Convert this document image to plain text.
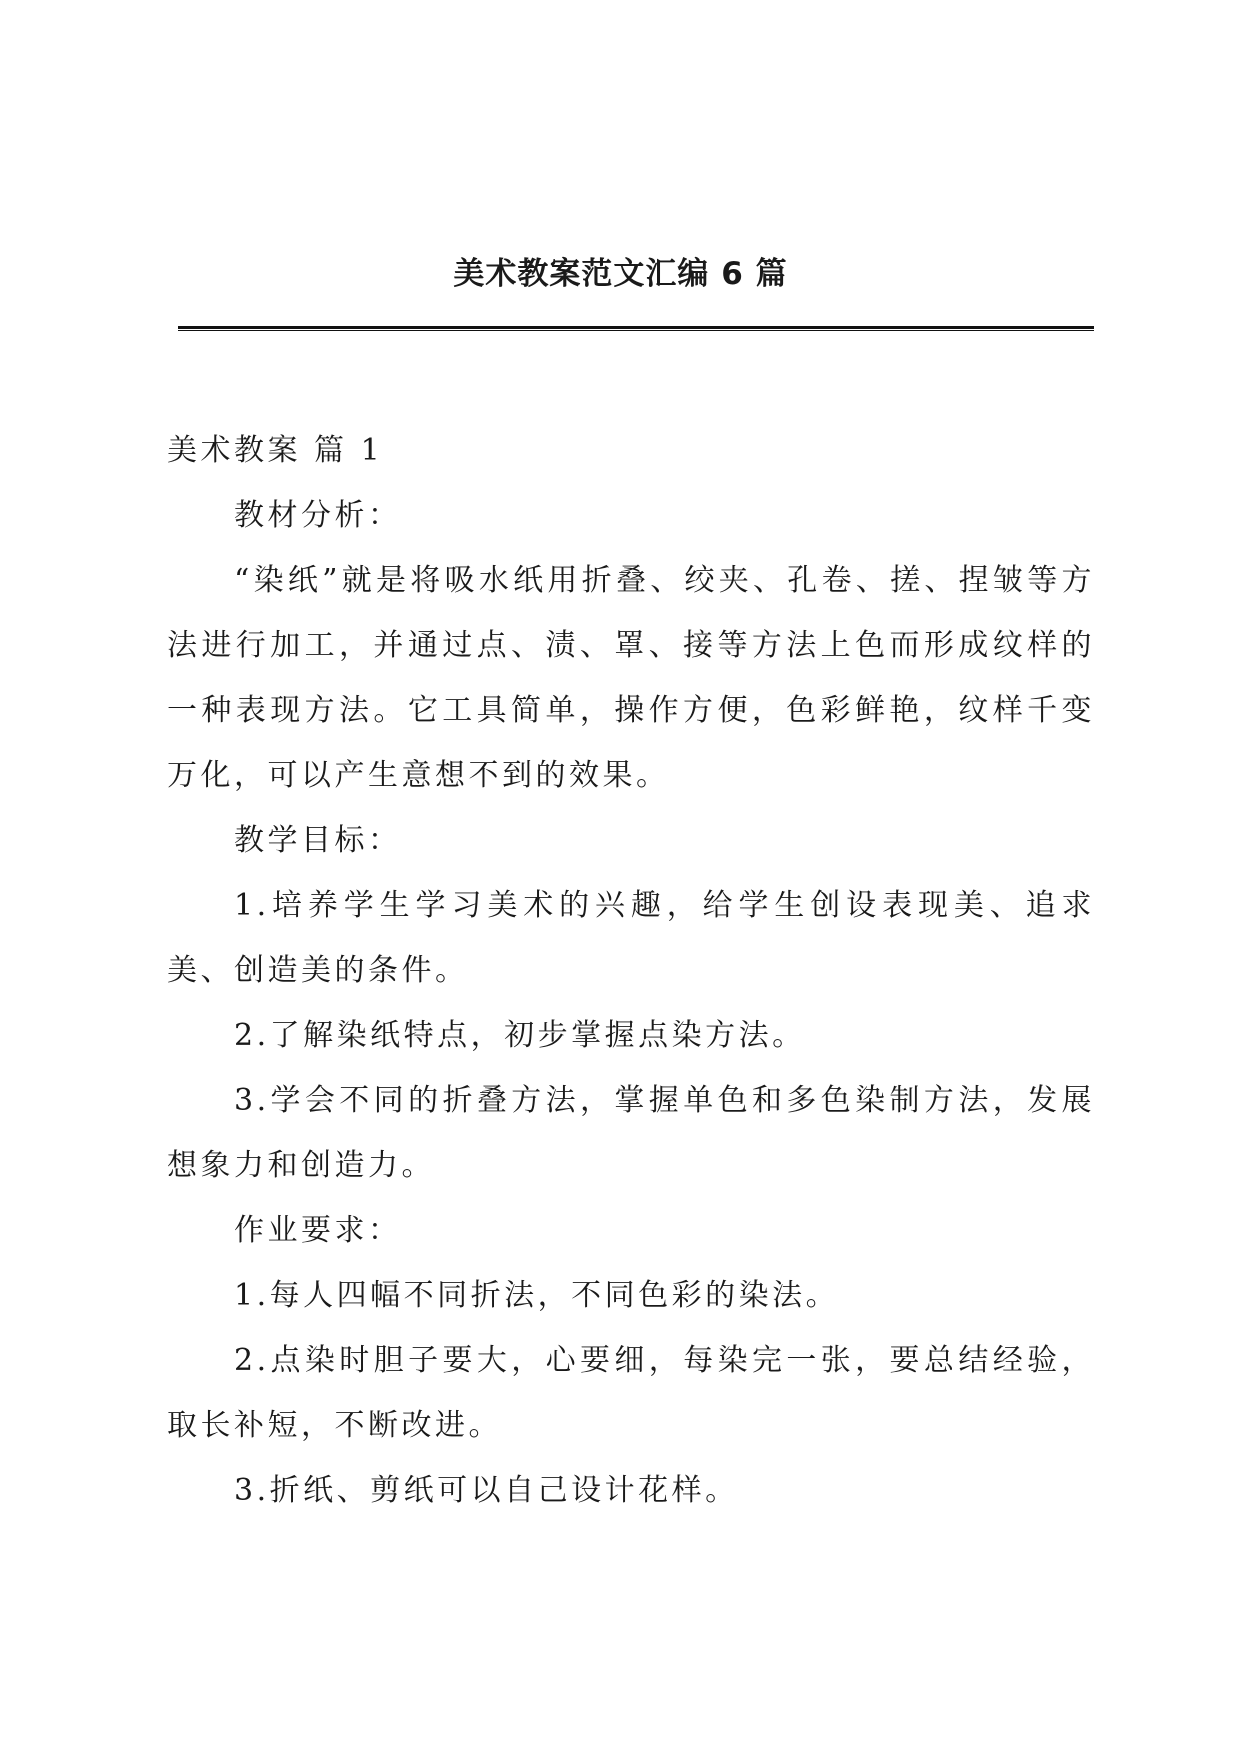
美术教案范文汇编 6 篇

美术教案 篇 1

教材分析：

“染纸”就是将吸水纸用折叠、绞夹、孔卷、搓、捏皱等方法进行加工，并通过点、渍、罩、接等方法上色而形成纹样的一种表现方法。它工具简单，操作方便，色彩鲜艳，纹样千变万化，可以产生意想不到的效果。

教学目标：

1.培养学生学习美术的兴趣，给学生创设表现美、追求美、创造美的条件。

2.了解染纸特点，初步掌握点染方法。

3.学会不同的折叠方法，掌握单色和多色染制方法，发展想象力和创造力。

作业要求：

1.每人四幅不同折法，不同色彩的染法。

2.点染时胆子要大，心要细，每染完一张，要总结经验，取长补短，不断改进。

3.折纸、剪纸可以自己设计花样。
